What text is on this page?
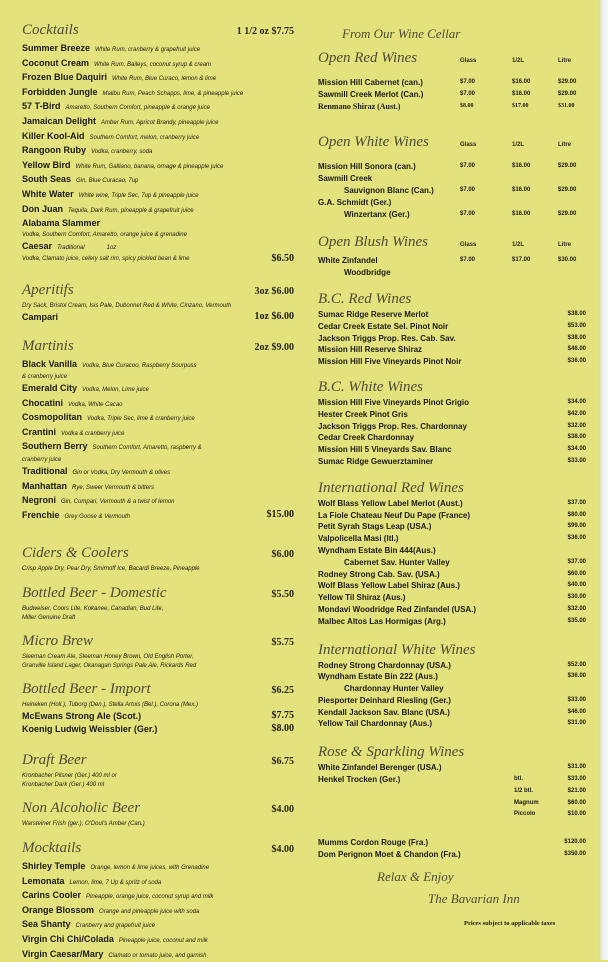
Cocktails	1 1/2 oz $7.75
Summer Breeze White Rum, cranberry & grapefruit juice
Coconut Cream White Rum, Baileys, coconut syrup & cream
Frozen Blue Daquiri White Rum, Blue Curaco, lemon & lime
Forbidden Jungle Malibu Rum, Peach Schapps, lime, & pineapple juice
57 T-Bird Amaretto, Southern Comfort, pineapple & orange juice
Jamaican Delight Amber Rum, Apricot Brandy, pineapple juice
Killer Kool-Aid Southern Comfort, melon, cranberry juice
Rangoon Ruby Vodka, cranberry, soda
Yellow Bird White Rum, Galliano, banana, ornage & pineapple juice
South Seas Gin, Blue Curacao, 7up
White Water White wine, Triple Sec, 7up & pineapple juice
Don Juan Tequila, Dark Rum, pineapple & grapefruit juice
Alabama Slammer
Vodka, Southern Comfort, Amaretto, orange juice & grenadine
Caesar Traditional	1oz
Vodka, Clamato juice, celery salt rim, spicy pickled bean & lime	$6.50
Aperitifs	3oz $6.00
Dry Sack, Bristol Cream, Isis Pale, Dubonnet Red & White, Cinzano, Vermouth
Campari	1oz $6.00
Martinis	2oz $9.00
Black Vanilla Vodka, Blue Curacoo, Raspberry Sourpuss
& cranberry juice
Emerald City Vodka, Melon, Lime juice
Chocatini Vodka, White Cacao
Cosmopolitan Vodka, Triple Sec, lime & cranberry juice
Crantini Vodka & cranberry juice
Southern Berry Southern Comfort, Amaretto, raspberry &
cranberry juice
Traditional Gin or Vodka, Dry Vermouth & olives
Manhattan Rye, Sweer Vermouth & bitters
Negroni Gin, Compari, Vermouth & a twist of lemon
Frenchie Grey Goose & Vermouth	$15.00
Ciders & Coolers	$6.00
Crisp Apple Dry, Pear Dry, Smirnoff Ice, Bacardi Breeze, Pineapple
Bottled Beer - Domestic	$5.50
Budweiser, Coors Lite, Kokanee, Canadian, Bud Lite,
Miller Genuine Draft
Micro Brew	$5.75
Sleeman Cream Ale, Sleeman Honey Brown, Old English Porter,
Granville Island Lager, Okanagan Springs Pale Ale, Rickards Red
Bottled Beer - Import	$6.25
Heineken (Holl.), Tuborg (Den.), Stella Artois (Bel.), Corona (Mex.)
McEwans Strong Ale (Scot.)	$7.75
Koenig Ludwig Weissbier (Ger.)	$8.00
Draft Beer	$6.75
Kronbacher Pilsner (Ger.) 400 ml or
Kronbacher Dark (Ger.) 400 ml
Non Alcoholic Beer	$4.00
Warsteiner Frish (ger.), O'Doul's Amber (Can.)
Mocktails	$4.00
Shirley Temple Orange, lemon & lime juices, with Grenadine
Lemonata Lemon, lime, 7 Up & spritz of soda
Carins Cooler Pineapple, orange juice, coconut syrup and milk
Orange Blossom Orange and pineapple juice with soda
Sea Shanty Cranberry and grapefruit juice
Virgin Chi Chi/Colada Pineapple juice, coconut and milk
Virgin Caesar/Mary Clamato or tomato juice, and garnish
From Our Wine Cellar
Open Red Wines	Glass	1/2L	Litre
Mission Hill Cabernet (can.)	$7.00	$16.00	$29.00
Sawmill Creek Merlot (Can.)	$7.00	$16.00	$29.00
Renmano Shiraz (Aust.)	$8.00	$17.00	$31.00
Open White Wines	Glass	1/2L	Litre
Mission Hill Sonora (can.)	$7.00	$16.00	$29.00
Sawmill Creek
Sauvignon Blanc (Can.)	$7.00	$16.00	$29.00
G.A. Schmidt (Ger.)
Winzertanx (Ger.)	$7.00	$16.00	$29.00
Open Blush Wines	Glass	1/2L	Litre
White Zinfandel	$7.00	$17.00	$30.00
Woodbridge
B.C. Red Wines
Sumac Ridge Reserve Merlot	$38.00
Cedar Creek Estate Sel. Pinot Noir	$53.00
Jackson Triggs Prop. Res. Cab. Sav.	$38.00
Mission Hill Reserve Shiraz	$46.00
Mission Hill Five Vineyards Pinot Noir	$36.00
B.C. White Wines
Mission Hill Five Vineyards Pinot Grigio	$34.00
Hester Creek Pinot Gris	$42.00
Jackson Triggs Prop. Res. Chardonnay	$32.00
Cedar Creek Chardonnay	$38.00
Mission Hill 5 Vineyards Sav. Blanc	$34.00
Sumac Ridge Gewuerztaminer	$33.00
International Red Wines
Wolf Blass Yellow Label Merlot (Aust.)	$37.00
La Fiole Chateau Neuf Du Pape (France)	$80.00
Petit Syrah Stags Leap (USA.)	$99.00
Valpolicella Masi (Itl.)	$36.00
Wyndham Estate Bin 444(Aus.)
Cabernet Sav. Hunter Valley	$37.00
Rodney Strong Cab. Sav. (USA.)	$60.00
Wolf Blass Yellow Label Shiraz (Aus.)	$40.00
Yellow Til Shiraz (Aus.)	$30.00
Mondavi Woodridge Red Zinfandel (USA.)	$32.00
Malbec Altos Las Hormigas (Arg.)	$35.00
International White Wines
Rodney Strong Chardonnay (USA.)	$52.00
Wyndham Estate Bin 222 (Aus.)	$36.00
Chardonnay Hunter Valley
Piesporter Deinhard Riesling (Ger.)	$33.00
Kendall Jackson Sav. Blanc (USA.)	$46.00
Yellow Tail Chardonnay (Aus.)	$31.00
Rose & Sparkling Wines
White Zinfandel Berenger (USA.)	$31.00
Henkel Trocken (Ger.)	btl.	$33.00
1/2 btl.	$21.00
Magnum	$60.00
Piccolo	$10.00
Mumms Cordon Rouge (Fra.)	$120.00
Dom Perignon Moet & Chandon (Fra.)	$350.00
Relax & Enjoy
The Bavarian Inn
Prices subject to applicable taxes
